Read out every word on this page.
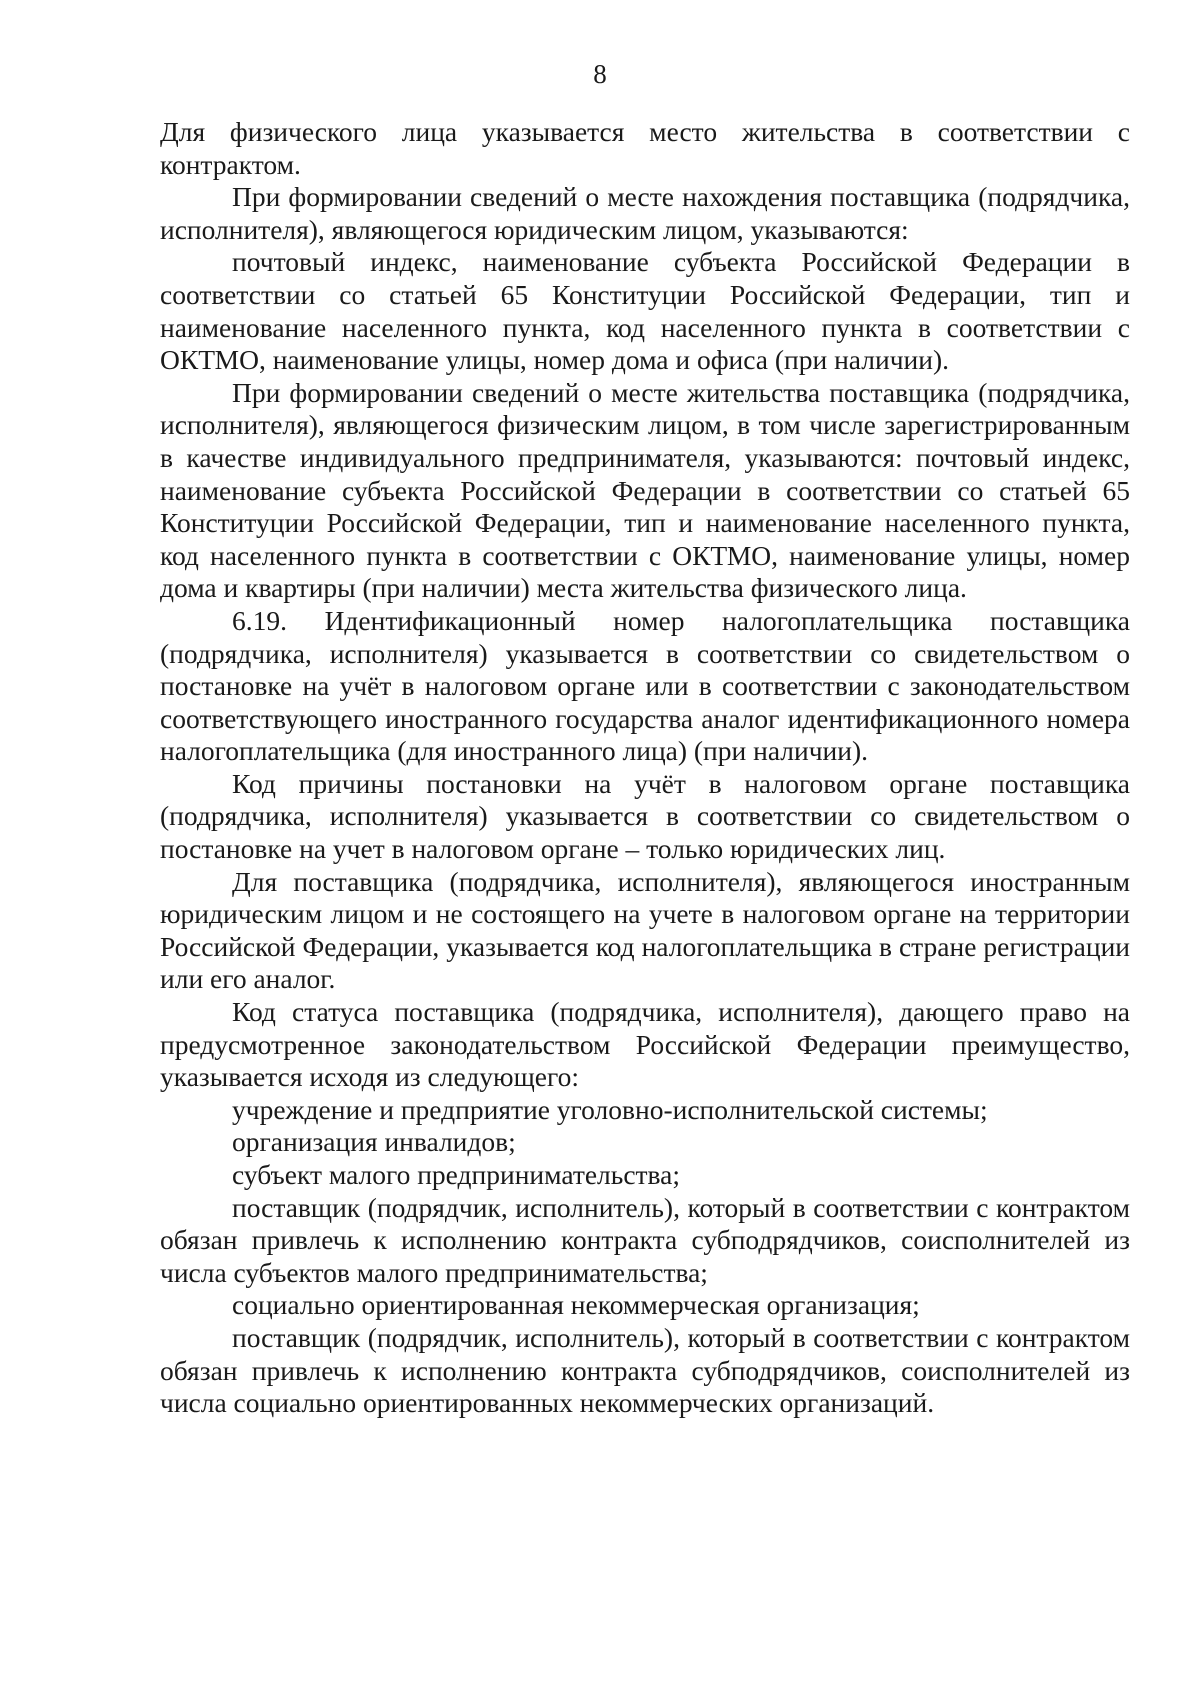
8

Для физического лица указывается место жительства в соответствии с контрактом.

При формировании сведений о месте нахождения поставщика (подрядчика, исполнителя), являющегося юридическим лицом, указываются:

почтовый индекс, наименование субъекта Российской Федерации в соответствии со статьей 65 Конституции Российской Федерации, тип и наименование населенного пункта, код населенного пункта в соответствии с ОКТМО, наименование улицы, номер дома и офиса (при наличии).

При формировании сведений о месте жительства поставщика (подрядчика, исполнителя), являющегося физическим лицом, в том числе зарегистрированным в качестве индивидуального предпринимателя, указываются: почтовый индекс, наименование субъекта Российской Федерации в соответствии со статьей 65 Конституции Российской Федерации, тип и наименование населенного пункта, код населенного пункта в соответствии с ОКТМО, наименование улицы, номер дома и квартиры (при наличии) места жительства физического лица.

6.19. Идентификационный номер налогоплательщика поставщика (подрядчика, исполнителя) указывается в соответствии со свидетельством о постановке на учёт в налоговом органе или в соответствии с законодательством соответствующего иностранного государства аналог идентификационного номера налогоплательщика (для иностранного лица) (при наличии).

Код причины постановки на учёт в налоговом органе поставщика (подрядчика, исполнителя) указывается в соответствии со свидетельством о постановке на учет в налоговом органе – только юридических лиц.

Для поставщика (подрядчика, исполнителя), являющегося иностранным юридическим лицом и не состоящего на учете в налоговом органе на территории Российской Федерации, указывается код налогоплательщика в стране регистрации или его аналог.

Код статуса поставщика (подрядчика, исполнителя), дающего право на предусмотренное законодательством Российской Федерации преимущество, указывается исходя из следующего:

учреждение и предприятие уголовно-исполнительской системы;

организация инвалидов;

субъект малого предпринимательства;

поставщик (подрядчик, исполнитель), который в соответствии с контрактом обязан привлечь к исполнению контракта субподрядчиков, соисполнителей из числа субъектов малого предпринимательства;

социально ориентированная некоммерческая организация;

поставщик (подрядчик, исполнитель), который в соответствии с контрактом обязан привлечь к исполнению контракта субподрядчиков, соисполнителей из числа социально ориентированных некоммерческих организаций.
